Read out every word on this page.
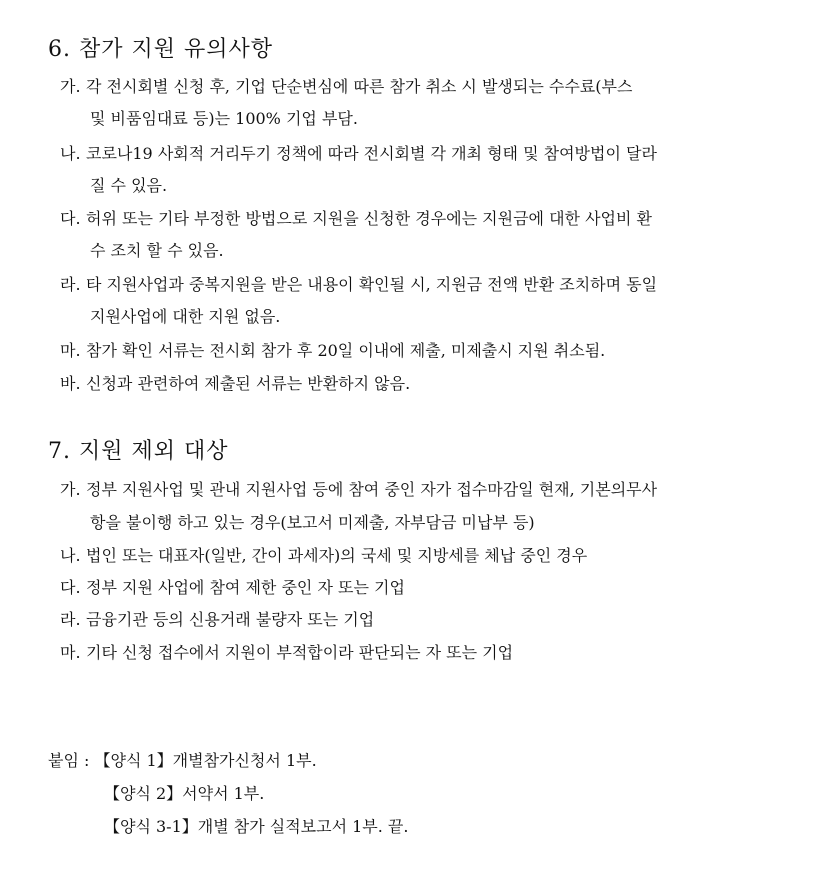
6. 참가 지원 유의사항
가. 각 전시회별 신청 후, 기업 단순변심에 따른 참가 취소 시 발생되는 수수료(부스
및 비품임대료 등)는 100% 기업 부담.
나. 코로나19 사회적 거리두기 정책에 따라 전시회별 각 개최 형태 및 참여방법이 달라
질 수 있음.
다. 허위 또는 기타 부정한 방법으로 지원을 신청한 경우에는 지원금에 대한 사업비 환
수 조치 할 수 있음.
라. 타 지원사업과 중복지원을 받은 내용이 확인될 시, 지원금 전액 반환 조치하며 동일
지원사업에 대한 지원 없음.
마. 참가 확인 서류는 전시회 참가 후 20일 이내에 제출, 미제출시 지원 취소됨.
바. 신청과 관련하여 제출된 서류는 반환하지 않음.
7. 지원 제외 대상
가. 정부 지원사업 및 관내 지원사업 등에 참여 중인 자가 접수마감일 현재, 기본의무사
항을 불이행 하고 있는 경우(보고서 미제출, 자부담금 미납부 등)
나. 법인 또는 대표자(일반, 간이 과세자)의 국세 및 지방세를 체납 중인 경우
다. 정부 지원 사업에 참여 제한 중인 자 또는 기업
라. 금융기관 등의 신용거래 불량자 또는 기업
마. 기타 신청 접수에서 지원이 부적합이라 판단되는 자 또는 기업
붙임 : 【양식 1】개별참가신청서 1부.
【양식 2】서약서 1부.
【양식 3-1】개별 참가 실적보고서 1부. 끝.
